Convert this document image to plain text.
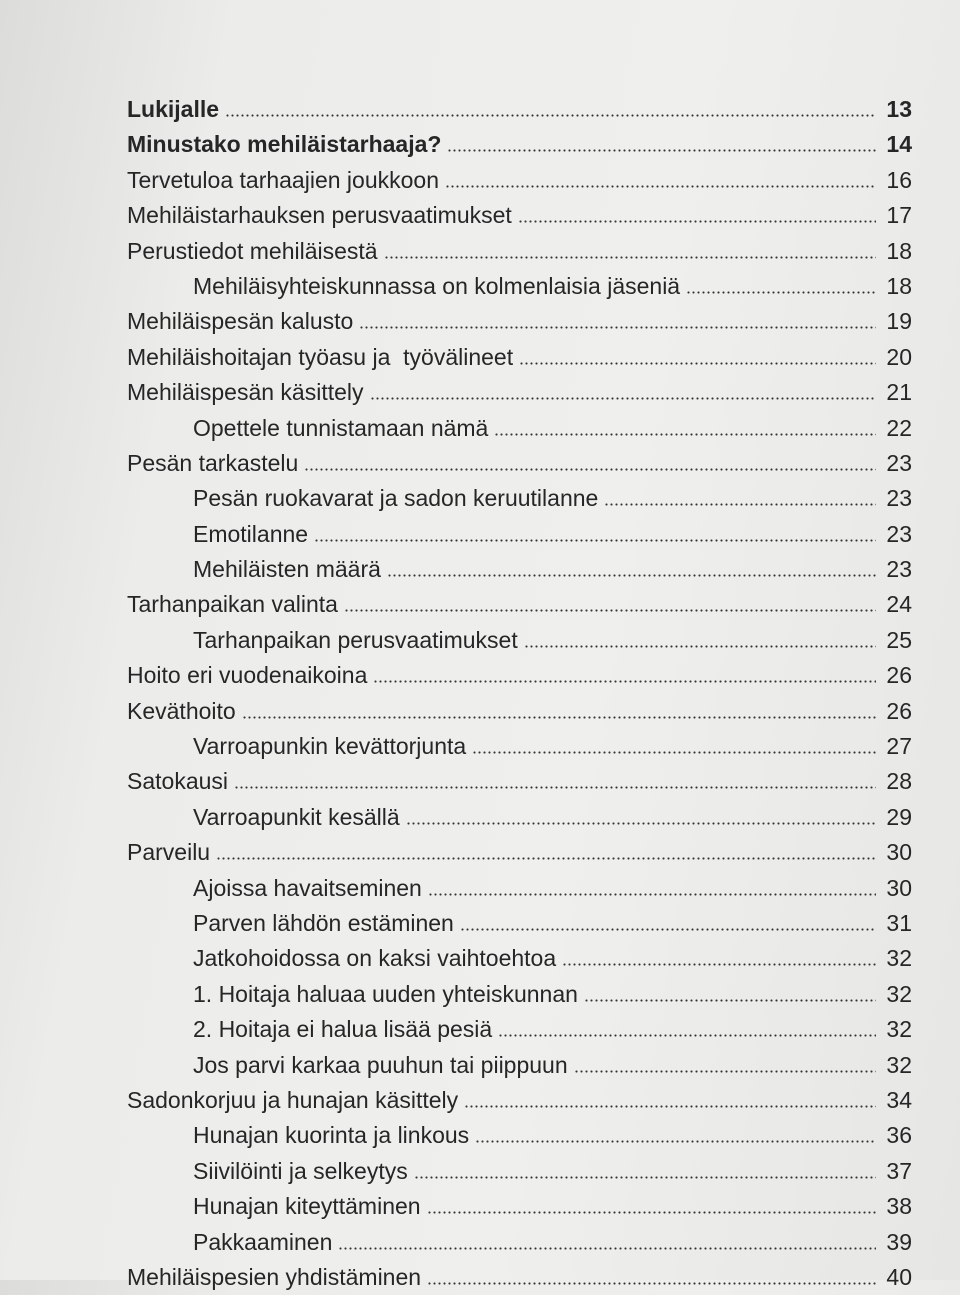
Lukijalle	13
Minustako mehiläistarhaaja?	14
Tervetuloa tarhaajien joukkoon	16
Mehiläistarhauksen perusvaatimukset	17
Perustiedot mehiläisestä	18
Mehiläisyhteiskunnassa on kolmenlaisia jäseniä	18
Mehiläispesän kalusto	19
Mehiläishoitajan työasu ja  työvälineet	20
Mehiläispesän käsittely	21
Opettele tunnistamaan nämä	22
Pesän tarkastelu	23
Pesän ruokavarat ja sadon keruutilanne	23
Emotilanne	23
Mehiläisten määrä	23
Tarhanpaikan valinta	24
Tarhanpaikan perusvaatimukset	25
Hoito eri vuodenaikoina	26
Keväthoito	26
Varroapunkin kevättorjunta	27
Satokausi	28
Varroapunkit kesällä	29
Parveilu	30
Ajoissa havaitseminen	30
Parven lähdön estäminen	31
Jatkohoidossa on kaksi vaihtoehtoa	32
1. Hoitaja haluaa uuden yhteiskunnan	32
2. Hoitaja ei halua lisää pesiä	32
Jos parvi karkaa puuhun tai piippuun	32
Sadonkorjuu ja hunajan käsittely	34
Hunajan kuorinta ja linkous	36
Siivilöinti ja selkeytys	37
Hunajan kiteyttäminen	38
Pakkaaminen	39
Mehiläispesien yhdistäminen	40
